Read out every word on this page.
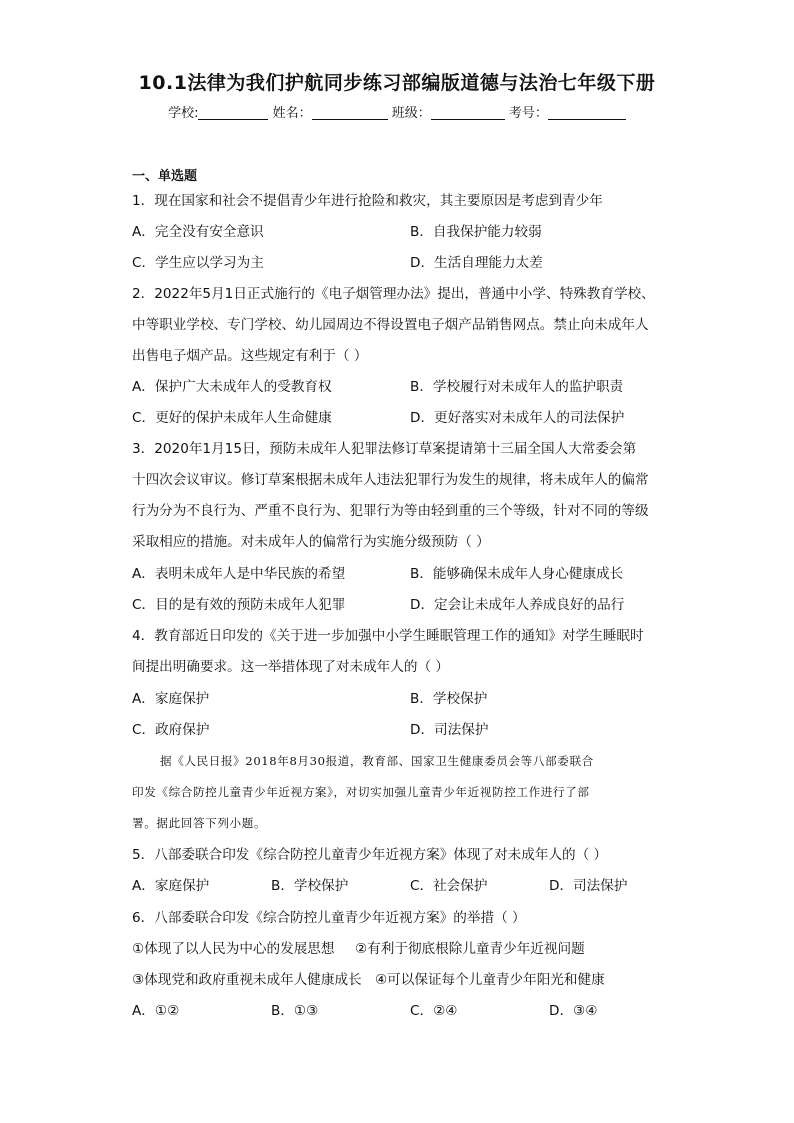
10.1法律为我们护航同步练习部编版道德与法治七年级下册
学校:	姓名：	班级：	考号：
一、单选题
1．现在国家和社会不提倡青少年进行抢险和救灾，其主要原因是考虑到青少年
A．完全没有安全意识	B．自我保护能力较弱
C．学生应以学习为主	D．生活自理能力太差
2．2022年5月1日正式施行的《电子烟管理办法》提出，普通中小学、特殊教育学校、
中等职业学校、专门学校、幼儿园周边不得设置电子烟产品销售网点。禁止向未成年人
出售电子烟产品。这些规定有利于（ ）
A．保护广大未成年人的受教育权	B．学校履行对未成年人的监护职责
C．更好的保护未成年人生命健康	D．更好落实对未成年人的司法保护
3．2020年1月15日，预防未成年人犯罪法修订草案提请第十三届全国人大常委会第
十四次会议审议。修订草案根据未成年人违法犯罪行为发生的规律，将未成年人的偏常
行为分为不良行为、严重不良行为、犯罪行为等由轻到重的三个等级，针对不同的等级
采取相应的措施。对未成年人的偏常行为实施分级预防（ ）
A．表明未成年人是中华民族的希望	B．能够确保未成年人身心健康成长
C．目的是有效的预防未成年人犯罪	D．定会让未成年人养成良好的品行
4．教育部近日印发的《关于进一步加强中小学生睡眠管理工作的通知》对学生睡眠时
间提出明确要求。这一举措体现了对未成年人的（ ）
A．家庭保护	B．学校保护
C．政府保护	D．司法保护
据《人民日报》2018年8月30报道，教育部、国家卫生健康委员会等八部委联合
印发《综合防控儿童青少年近视方案》，对切实加强儿童青少年近视防控工作进行了部
署。据此回答下列小题。
5．八部委联合印发《综合防控儿童青少年近视方案》体现了对未成年人的（ ）
A．家庭保护	B．学校保护	C．社会保护	D．司法保护
6．八部委联合印发《综合防控儿童青少年近视方案》的举措（ ）
①体现了以人民为中心的发展思想 ②有利于彻底根除儿童青少年近视问题
③体现党和政府重视未成年人健康成长 ④可以保证每个儿童青少年阳光和健康
A．①②	B．①③	C．②④	D．③④
